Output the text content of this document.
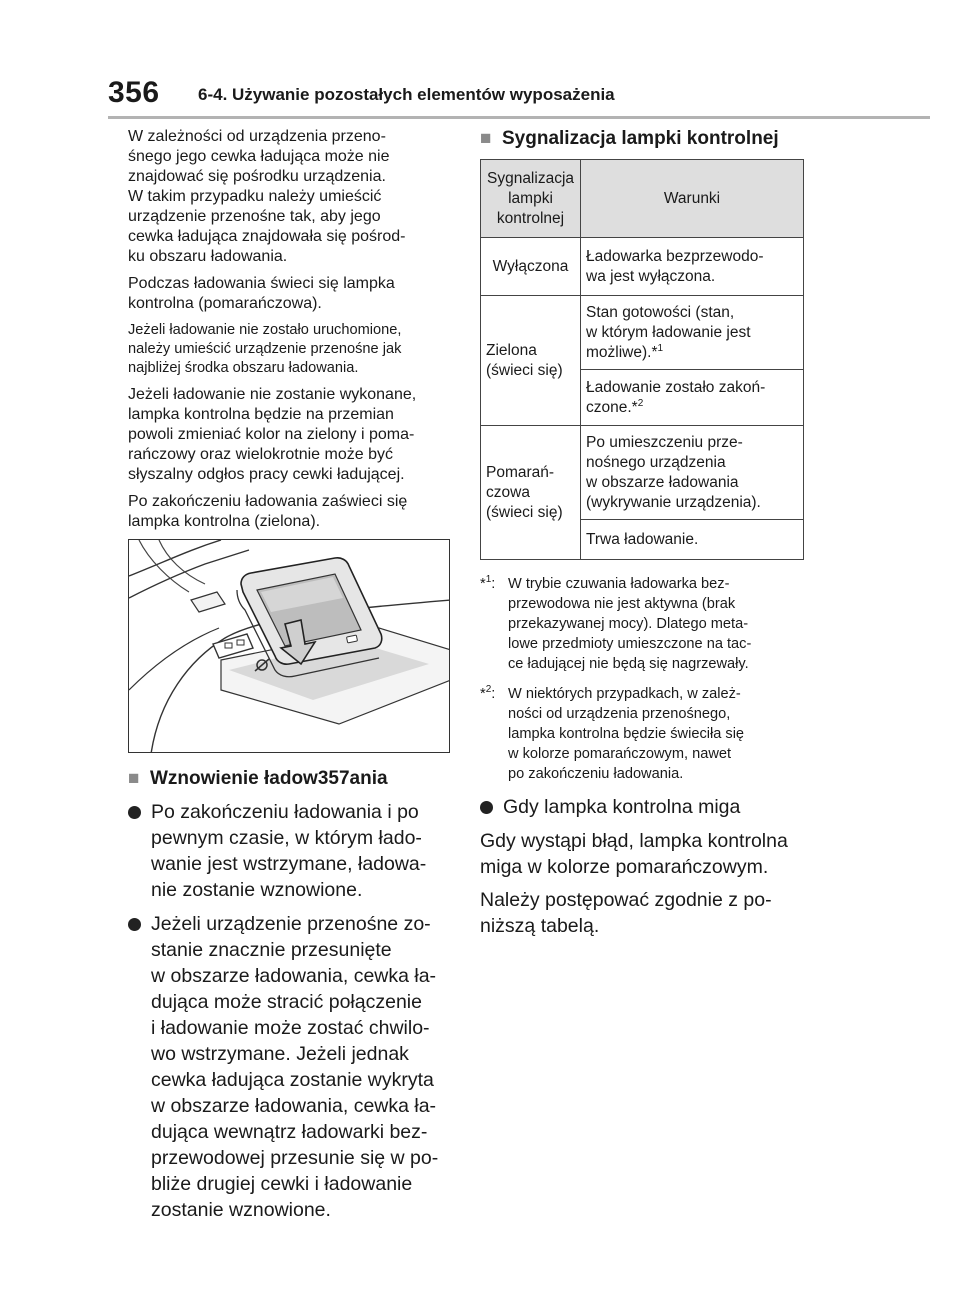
356 6-4. Używanie pozostałych elementów wyposażenia
W zależności od urządzenia przeno-
śnego jego cewka ładująca może nie
znajdować się pośrodku urządzenia.
W takim przypadku należy umieścić
urządzenie przenośne tak, aby jego
cewka ładująca znajdowała się pośrod-
ku obszaru ładowania.
Podczas ładowania świeci się lampka
kontrolna (pomarańczowa).
Jeżeli ładowanie nie zostało uruchomione,
należy umieścić urządzenie przenośne jak
najbliżej środka obszaru ładowania.
Jeżeli ładowanie nie zostanie wykonane,
lampka kontrolna będzie na przemian
powoli zmieniać kolor na zielony i poma-
rańczowy oraz wielokrotnie może być
słyszalny odgłos pracy cewki ładującej.
Po zakończeniu ładowania zaświeci się
lampka kontrolna (zielona).
■ Wznowienie ładow357ania
Po zakończeniu ładowania i po
pewnym czasie, w którym łado-
wanie jest wstrzymane, ładowa-
nie zostanie wznowione.
Jeżeli urządzenie przenośne zo-
stanie znacznie przesunięte
w obszarze ładowania, cewka ła-
dująca może stracić połączenie
i ładowanie może zostać chwilo-
wo wstrzymane. Jeżeli jednak
cewka ładująca zostanie wykryta
w obszarze ładowania, cewka ła-
dująca wewnątrz ładowarki bez-
przewodowej przesunie się w po-
bliże drugiej cewki i ładowanie
zostanie wznowione.
■ Sygnalizacja lampki kontrolnej
Sygnalizacja
lampki
kontrolnej	Warunki
Wyłączona	Ładowarka bezprzewodo-
wa jest wyłączona.
Zielona
(świeci się)	Stan gotowości (stan,
w którym ładowanie jest
możliwe).*$^1$
	Ładowanie zostało zakoń-
czone.*$^2$
Pomarań-
czowa
(świeci się)	Po umieszczeniu prze-
nośnego urządzenia
w obszarze ładowania
(wykrywanie urządzenia).
	Trwa ładowanie.
*$^1$: W trybie czuwania ładowarka bez-
przewodowa nie jest aktywna (brak
przekazywanej mocy). Dlatego meta-
lowe przedmioty umieszczone na tac-
ce ładującej nie będą się nagrzewały.
*$^2$: W niektórych przypadkach, w zależ-
ności od urządzenia przenośnego,
lampka kontrolna będzie świeciła się
w kolorze pomarańczowym, nawet
po zakończeniu ładowania.
Gdy lampka kontrolna miga
Gdy wystąpi błąd, lampka kontrolna
miga w kolorze pomarańczowym.
Należy postępować zgodnie z po-
niższą tabelą.
